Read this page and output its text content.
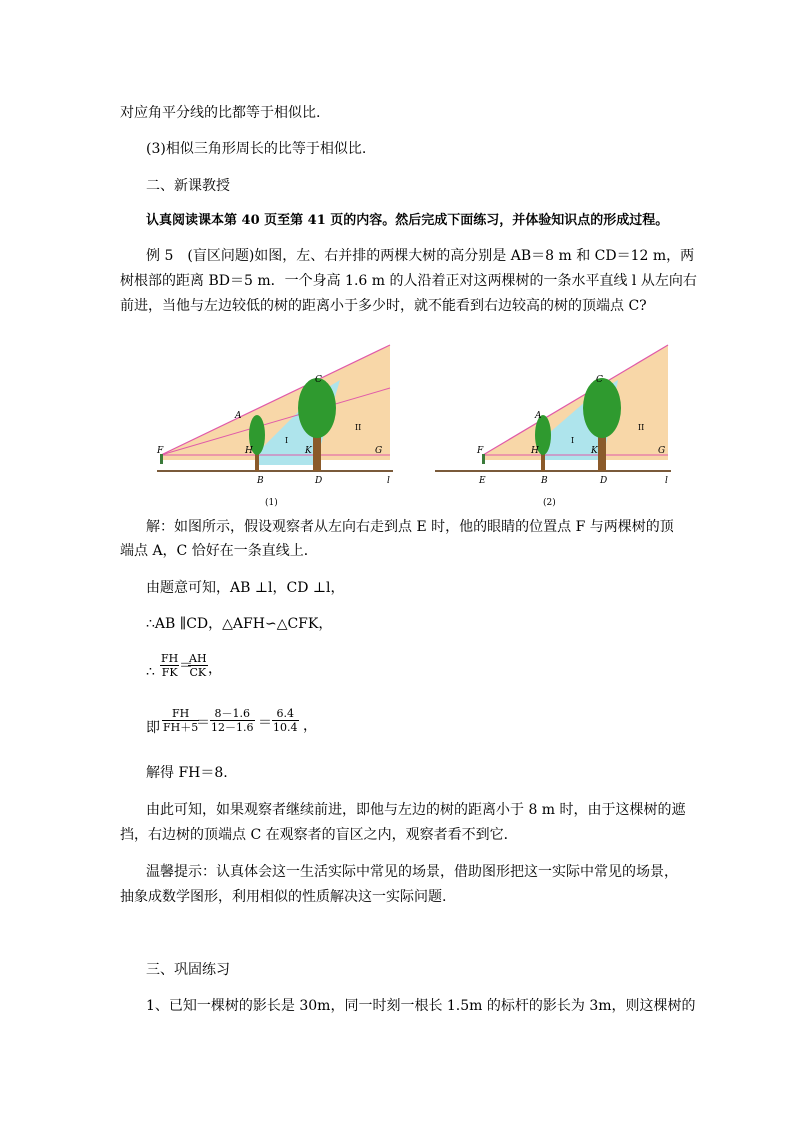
对应角平分线的比都等于相似比.
(3)相似三角形周长的比等于相似比.
二、新课教授
认真阅读课本第 40 页至第 41 页的内容。然后完成下面练习，并体验知识点的形成过程。
例 5　(盲区问题)如图，左、右并排的两棵大树的高分别是 AB＝8 m 和 CD＝12 m，两
树根部的距离 BD＝5 m．一个身高 1.6 m 的人沿着正对这两棵树的一条水平直线 l 从左向右
前进，当他与左边较低的树的距离小于多少时，就不能看到右边较高的树的顶端点 C?
F
A
C
H	K	G
I
II
B	D	l
(1)
F
A
C
H	K	G
I
II
E	B	D	l
(2)
解：如图所示，假设观察者从左向右走到点 E 时，他的眼睛的位置点 F 与两棵树的顶
端点 A，C 恰好在一条直线上．
由题意可知，AB ⊥l，CD ⊥l，
∴AB ∥CD，△AFH∽△CFK，
∴ $\frac{FH}{FK}$ ＝
$\frac{AH}{CK}$ ，
即 $\frac{FH}{FH+5}$
＝ $\frac{8-1.6}{12-1.6} = \frac{6.4}{10.4}$ ，
解得 FH＝8.
由此可知，如果观察者继续前进，即他与左边的树的距离小于 8 m 时，由于这棵树的遮
挡，右边树的顶端点 C 在观察者的盲区之内，观察者看不到它．
温馨提示：认真体会这一生活实际中常见的场景，借助图形把这一实际中常见的场景，
抽象成数学图形，利用相似的性质解决这一实际问题.
三、巩固练习
1、已知一棵树的影长是 30m，同一时刻一根长 1.5m 的标杆的影长为 3m，则这棵树的
